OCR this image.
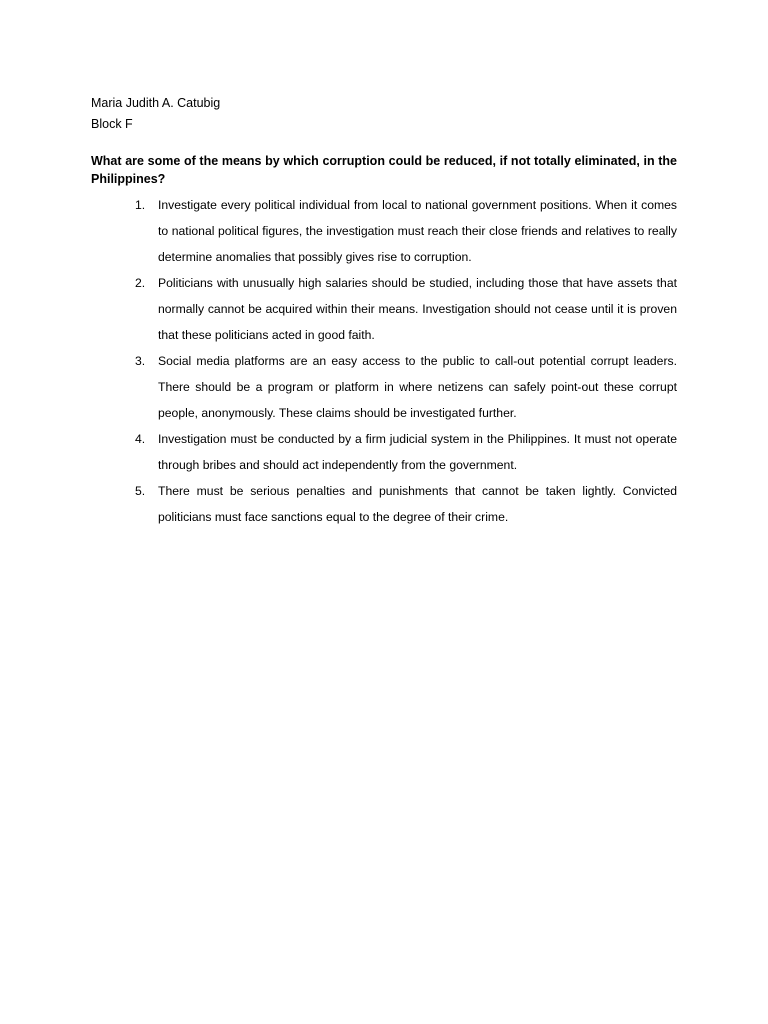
Maria Judith A. Catubig
Block F
What are some of the means by which corruption could be reduced, if not totally eliminated, in the Philippines?
1. Investigate every political individual from local to national government positions. When it comes to national political figures, the investigation must reach their close friends and relatives to really determine anomalies that possibly gives rise to corruption.
2. Politicians with unusually high salaries should be studied, including those that have assets that normally cannot be acquired within their means. Investigation should not cease until it is proven that these politicians acted in good faith.
3. Social media platforms are an easy access to the public to call-out potential corrupt leaders. There should be a program or platform in where netizens can safely point-out these corrupt people, anonymously. These claims should be investigated further.
4. Investigation must be conducted by a firm judicial system in the Philippines. It must not operate through bribes and should act independently from the government.
5. There must be serious penalties and punishments that cannot be taken lightly. Convicted politicians must face sanctions equal to the degree of their crime.
